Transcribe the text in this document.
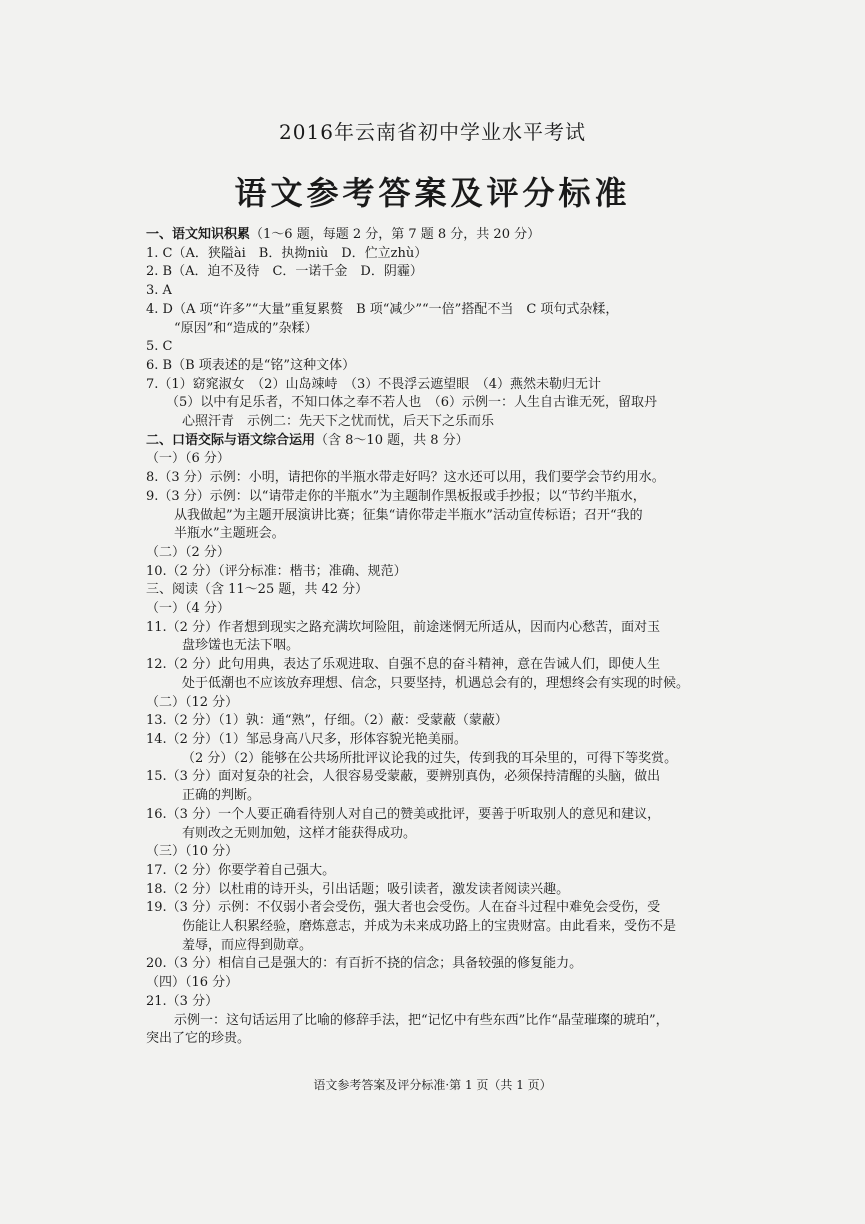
2016年云南省初中学业水平考试
语文参考答案及评分标准
一、语文知识积累（1～6 题，每题 2 分，第 7 题 8 分，共 20 分）
1. C（A．狭隘ài　B．执拗niù　D．伫立zhù）
2. B（A．迫不及待　C．一诺千金　D．阴霾）
3. A
4. D（A 项“许多”“大量”重复累赘　B 项“减少”“一倍”搭配不当　C 项句式杂糅，
“原因”和“造成的”杂糅）
5. C
6. B（B 项表述的是“铭”这种文体）
7.（1）窈窕淑女　（2）山岛竦峙　（3）不畏浮云遮望眼　（4）燕然未勒归无计
（5）以中有足乐者，不知口体之奉不若人也　（6）示例一：人生自古谁无死，留取丹
心照汗青　示例二：先天下之忧而忧，后天下之乐而乐
二、口语交际与语文综合运用（含 8～10 题，共 8 分）
（一）（6 分）
8.（3 分）示例：小明，请把你的半瓶水带走好吗？这水还可以用，我们要学会节约用水。
9.（3 分）示例：以“请带走你的半瓶水”为主题制作黑板报或手抄报；以“节约半瓶水，
从我做起”为主题开展演讲比赛；征集“请你带走半瓶水”活动宣传标语；召开“我的
半瓶水”主题班会。
（二）（2 分）
10.（2 分）（评分标准：楷书；准确、规范）
三、阅读（含 11～25 题，共 42 分）
（一）（4 分）
11.（2 分）作者想到现实之路充满坎坷险阻，前途迷惘无所适从，因而内心愁苦，面对玉
盘珍馐也无法下咽。
12.（2 分）此句用典，表达了乐观进取、自强不息的奋斗精神，意在告诫人们，即使人生
处于低潮也不应该放弃理想、信念，只要坚持，机遇总会有的，理想终会有实现的时候。
（二）（12 分）
13.（2 分）（1）孰：通“熟”，仔细。（2）蔽：受蒙蔽（蒙蔽）
14.（2 分）（1）邹忌身高八尺多，形体容貌光艳美丽。
（2 分）（2）能够在公共场所批评议论我的过失，传到我的耳朵里的，可得下等奖赏。
15.（3 分）面对复杂的社会，人很容易受蒙蔽，要辨别真伪，必须保持清醒的头脑，做出
正确的判断。
16.（3 分）一个人要正确看待别人对自己的赞美或批评，要善于听取别人的意见和建议，
有则改之无则加勉，这样才能获得成功。
（三）（10 分）
17.（2 分）你要学着自己强大。
18.（2 分）以杜甫的诗开头，引出话题；吸引读者，激发读者阅读兴趣。
19.（3 分）示例：不仅弱小者会受伤，强大者也会受伤。人在奋斗过程中难免会受伤，受
伤能让人积累经验，磨炼意志，并成为未来成功路上的宝贵财富。由此看来，受伤不是
羞辱，而应得到勋章。
20.（3 分）相信自己是强大的：有百折不挠的信念；具备较强的修复能力。
（四）（16 分）
21.（3 分）
示例一：这句话运用了比喻的修辞手法，把“记忆中有些东西”比作“晶莹璀璨的琥珀”，
突出了它的珍贵。
语文参考答案及评分标准·第 1 页（共 1 页）
